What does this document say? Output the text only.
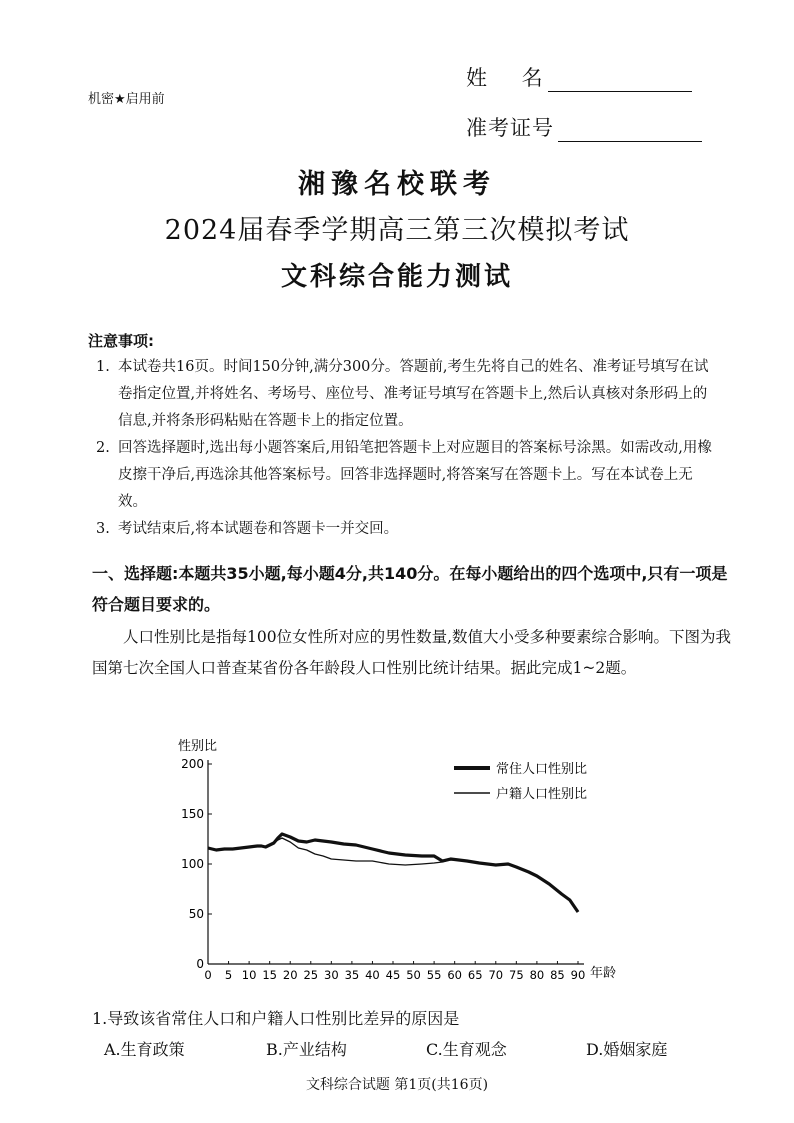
机密★启用前
姓 名
准考证号
湘豫名校联考
2024届春季学期高三第三次模拟考试
文科综合能力测试
注意事项:
1. 本试卷共16页。时间150分钟,满分300分。答题前,考生先将自己的姓名、准考证号填写在试卷指定位置,并将姓名、考场号、座位号、准考证号填写在答题卡上,然后认真核对条形码上的信息,并将条形码粘贴在答题卡上的指定位置。
2. 回答选择题时,选出每小题答案后,用铅笔把答题卡上对应题目的答案标号涂黑。如需改动,用橡皮擦干净后,再选涂其他答案标号。回答非选择题时,将答案写在答题卡上。写在本试卷上无效。
3. 考试结束后,将本试题卷和答题卡一并交回。
一、选择题:本题共35小题,每小题4分,共140分。在每小题给出的四个选项中,只有一项是符合题目要求的。
人口性别比是指每100位女性所对应的男性数量,数值大小受多种要素综合影响。下图为我国第七次全国人口普查某省份各年龄段人口性别比统计结果。据此完成1~2题。
性别比
年龄
0
50
100
150
200
0 5 10 15 20 25 30 35 40 45 50 55 60 65 70 75 80 85 90
常住人口性别比
户籍人口性别比
1.导致该省常住人口和户籍人口性别比差异的原因是
A.生育政策	B.产业结构	C.生育观念	D.婚姻家庭
文科综合试题 第1页(共16页)
